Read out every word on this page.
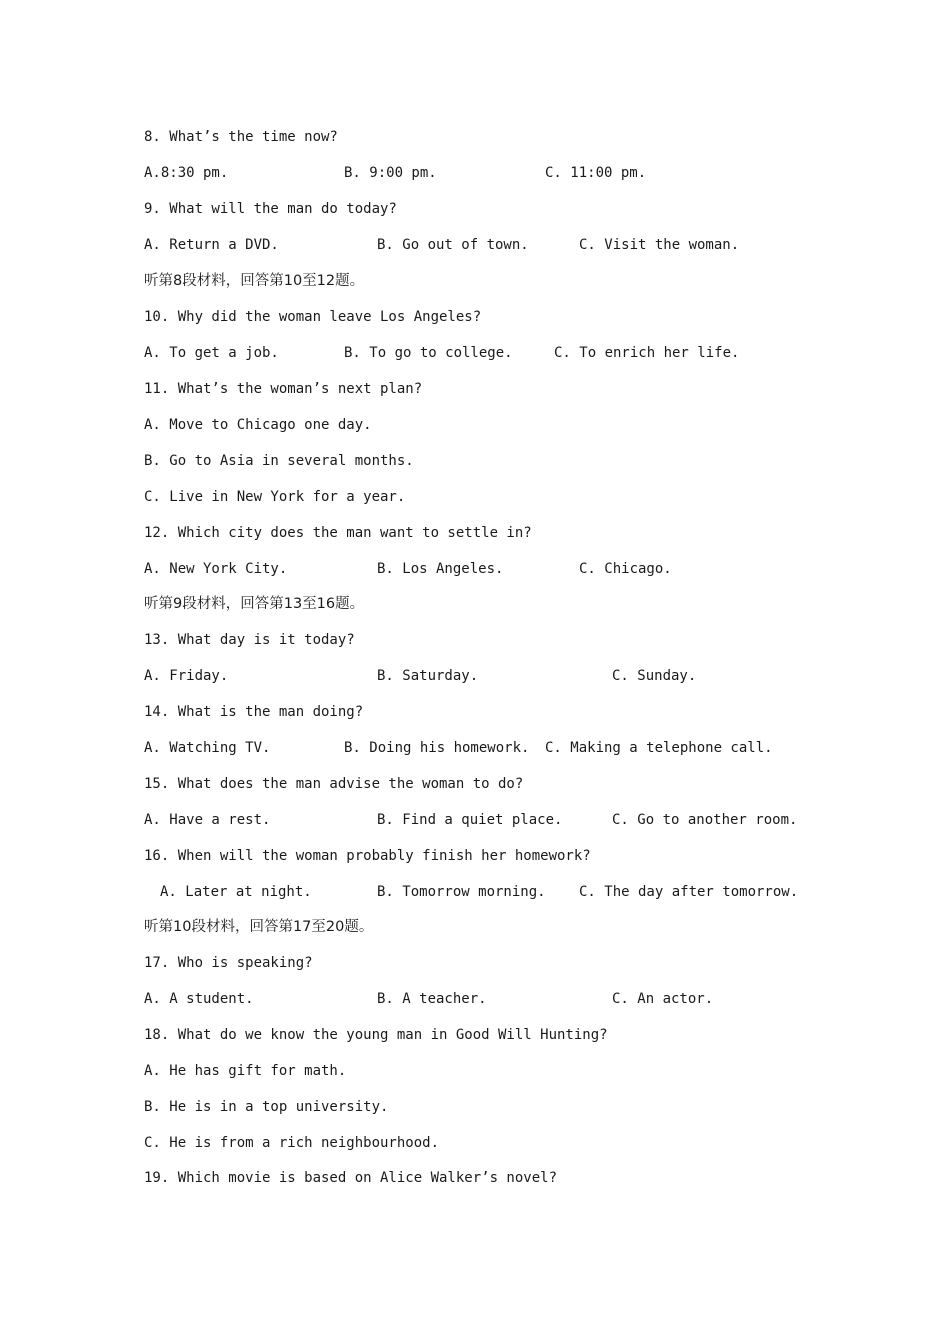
8. What’s the time now?

A.8:30 pm.

	B. 9:00 pm.

	C. 11:00 pm.

9. What will the man do today?

A. Return a DVD.

	B. Go out of town.

	C. Visit the woman.

听第8段材料，回答第10至12题。
10. Why did the woman leave Los Angeles?

A. To get a job.

	B. To go to college.

	C. To enrich her life.

11. What’s the woman’s next plan?
A. Move to Chicago one day.
B. Go to Asia in several months.
C. Live in New York for a year.
12. Which city does the man want to settle in?

A. New York City.

	B. Los Angeles.

	C. Chicago.

听第9段材料，回答第13至16题。
13. What day is it today?

A. Friday.

	B. Saturday.

	C. Sunday.

14. What is the man doing?

A. Watching TV.

	B. Doing his homework.

C. Making a telephone call.

15. What does the man advise the woman to do?

A. Have a rest.

	B. Find a quiet place.

	C. Go to another room.

16. When will the woman probably finish her homework?

A. Later at night.

	B. Tomorrow morning.

C. The day after tomorrow.

听第10段材料，回答第17至20题。
17. Who is speaking?

A. A student.

	B. A teacher.

	C. An actor.

18. What do we know the young man in Good Will Hunting?
A. He has gift for math.
B. He is in a top university.
C. He is from a rich neighbourhood.
19. Which movie is based on Alice Walker’s novel?
